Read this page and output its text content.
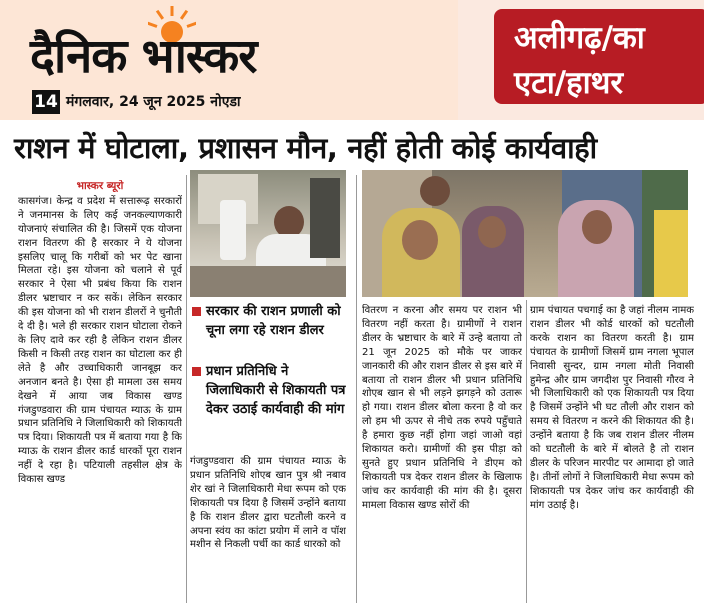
दैनिक भास्कर
14 मंगलवार, 24 जून 2025 नोएडा
अलीगढ़/का
एटा/हाथर
राशन में घोटाला, प्रशासन मौन, नहीं होती कोई कार्यवाही
भास्कर ब्यूरो

कासगंज। केन्द्र व प्रदेश में सत्तारूढ़ सरकारों ने जनमानस के लिए कई जनकल्याणकारी योजनाएं संचालित की है। जिसमें एक योजना राशन वितरण की है सरकार ने ये योजना इसलिए चालू कि गरीबों को भर पेट खाना मिलता रहे। इस योजना को चलाने से पूर्व सरकार ने ऐसा भी प्रबंध किया कि राशन डीलर भ्रष्टाचार न कर सकें। लेकिन सरकार की इस योजना को भी राशन डीलरों ने चुनौती दे दी है। भले ही सरकार राशन घोटाला रोकने के लिए दावे कर रही है लेकिन राशन डीलर किसी न किसी तरह राशन का घोटाला कर ही लेते है और उच्चाधिकारी जानबूझ कर अनजान बनते है। ऐसा ही मामला उस समय देखने में आया जब विकास खण्ड गंजडुण्डवारा की ग्राम पंचायत म्याऊ के ग्राम प्रधान प्रतिनिधि ने जिलाधिकारी को शिकायती पत्र दिया। शिकायती पत्र में बताया गया है कि म्याऊ के राशन डीलर कार्ड धारकों पूरा राशन नहीं दे रहा है। पटियाली तहसील क्षेत्र के विकास खण्ड

सरकार की राशन प्रणाली को चूना लगा रहे राशन डीलर
प्रधान प्रतिनिधि ने जिलाधिकारी से शिकायती पत्र देकर उठाई कार्यवाही की मांग

गंजडुण्डवारा की ग्राम पंचायत म्याऊ के प्रधान प्रतिनिधि शोएब खान पुत्र श्री नबाव शेर खां ने जिलाधिकारी मेधा रूपम को एक शिकायती पत्र दिया है जिसमें उन्होंने बताया है कि राशन डीलर द्वारा घटतौली करने व अपना स्वंय का कांटा प्रयोग में लाने व पॉश मशीन से निकली पर्ची का कार्ड धारको को

वितरण न करना और समय पर राशन भी वितरण नहीं करता है। ग्रामीणों ने राशन डीलर के भ्रष्टाचार के बारे में उन्हे बताया तो 21 जून 2025 को मौके पर जाकर जानकारी की और राशन डीलर से इस बारे में बताया तो राशन डीलर भी प्रधान प्रतिनिधि शोएब खान से भी लड़ने झगड़ने को उतारू हो गया। राशन डीलर बोला करना है वो कर लो हम भी ऊपर से नीचे तक रुपये पहुँचाते है हमारा कुछ नहीं होगा जहां जाओ वहां शिकायत करो। ग्रामीणों की इस पीड़ा को सुनते हुए प्रधान प्रतिनिधि ने डीएम को शिकायती पत्र देकर राशन डीलर के खिलाफ जांच कर कार्यवाही की मांग की है। दूसरा मामला विकास खण्ड सोरों की

ग्राम पंचायत पचगाई का है जहां नीलम नामक राशन डीलर भी कोर्ड धारकों को घटतौली करके राशन का वितरण करती है। ग्राम पंचायत के ग्रामीणों जिसमें ग्राम नगला भूपाल निवासी सुन्दर, ग्राम नगला मोती निवासी हुमेन्द्र और ग्राम जगदीश पुर निवासी गौरव ने भी जिलाधिकारी को एक शिकायती पत्र दिया है जिसमें उन्होंने भी घट तौली और राशन को समय से वितरण न करने की शिकायत की है। उन्होंने बताया है कि जब राशन डीलर नीलम को घटतौली के बारे में बोलते है तो राशन डीलर के परिजन मारपीट पर आमादा हो जाते है। तीनों लोगों ने जिलाधिकारी मेधा रूपम को शिकायती पत्र देकर जांच कर कार्यवाही की मांग उठाई है।
